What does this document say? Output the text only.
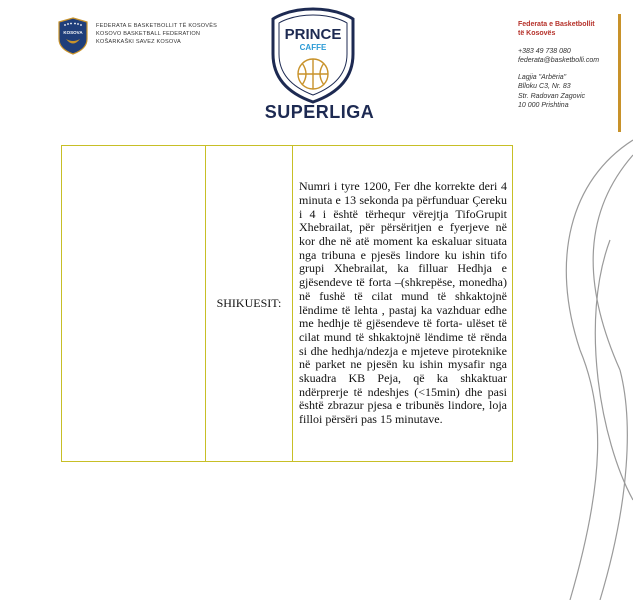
KOSOVA
FEDERATA E BASKETBOLLIT TË KOSOVËS
KOSOVO BASKETBALL FEDERATION
KOŠARKAŠKI SAVEZ KOSOVA	PRINCE
CAFFE
SUPERLIGA
Federata e Basketbollit
të Kosovës
+383 49 738 080
federata@basketbolli.com
Lagjia "Arbëria"
Blloku C3, Nr. 83
Str. Radovan Zagovic
10 000 Prishtina
	SHIKUESIT:	Numri i tyre 1200, Fer dhe korrekte deri 4 minuta e 13 sekonda pa përfunduar Çereku i 4 i është tërhequr vërejtja TifoGrupit Xhebrailat, për përsëritjen e fyerjeve në kor dhe në atë moment ka eskaluar situata nga tribuna e pjesës lindore ku ishin tifo grupi Xhebrailat, ka filluar Hedhja e gjësendeve të forta –(shkrepëse, monedha) në fushë të cilat mund të shkaktojnë lëndime të lehta , pastaj ka vazhduar edhe me hedhje të gjësendeve të forta- ulëset të cilat mund të shkaktojnë lëndime të rënda si dhe hedhja/ndezja e mjeteve piroteknike në parket ne pjesën ku ishin mysafir nga skuadra KB Peja, që ka shkaktuar ndërprerje të ndeshjes (<15min) dhe pasi është zbrazur pjesa e tribunës lindore, loja filloi përsëri pas 15 minutave.
